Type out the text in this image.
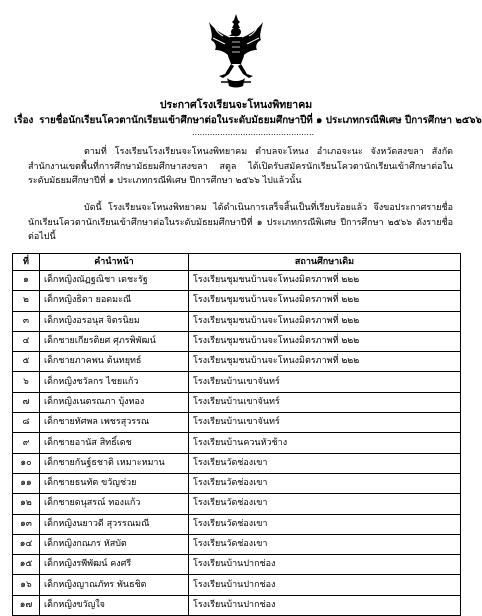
ประกาศโรงเรียนจะโหนงพิทยาคม
เรื่อง รายชื่อนักเรียนโควตานักเรียนเข้าศึกษาต่อในระดับมัธยมศึกษาปีที่ ๑ ประเภทกรณีพิเศษ ปีการศึกษา ๒๕๖๖
................................................
ตามที่ โรงเรียนโรงเรียนจะโหนงพิทยาคม ตำบลจะโหนง อำเภอจะนะ จังหวัดสงขลา สังกัดสำนักงานเขตพื้นที่การศึกษามัธยมศึกษาสงขลา สตูล ได้เปิดรับสมัครนักเรียนโควตานักเรียนเข้าศึกษาต่อในระดับมัธยมศึกษาปีที่ ๑ ประเภทกรณีพิเศษ ปีการศึกษา ๒๕๖๖ ไปแล้วนั้น
บัดนี้ โรงเรียนจะโหนงพิทยาคม ได้ดำเนินการเสร็จสิ้นเป็นที่เรียบร้อยแล้ว จึงขอประกาศรายชื่อนักเรียนโควตานักเรียนเข้าศึกษาต่อในระดับมัธยมศึกษาปีที่ ๑ ประเภทกรณีพิเศษ ปีการศึกษา ๒๕๖๖ ดังรายชื่อต่อไปนี้
ที่	คำนำหน้า	สถานศึกษาเดิม
๑	เด็กหญิงณัฏฐณิชา เดชะรัฐ	โรงเรียนชุมชนบ้านจะโหนงมิตรภาพที่ ๒๒๒
๒	เด็กหญิงธิดา ยอดมะณี	โรงเรียนชุมชนบ้านจะโหนงมิตรภาพที่ ๒๒๒
๓	เด็กหญิงอรอนุส จิตรนิยม	โรงเรียนชุมชนบ้านจะโหนงมิตรภาพที่ ๒๒๒
๔	เด็กชายเกียรติยศ ศุภรพิพัฒน์	โรงเรียนชุมชนบ้านจะโหนงมิตรภาพที่ ๒๒๒
๕	เด็กชายภาคพน ต้นทยุทธ์	โรงเรียนชุมชนบ้านจะโหนงมิตรภาพที่ ๒๒๒
๖	เด็กหญิงชวัลกร ไชยแก้ว	โรงเรียนบ้านเขาจันทร์
๗	เด็กหญิงเนตรณภา บุ้งทอง	โรงเรียนบ้านเขาจันทร์
๘	เด็กชายทัศพล เพชรสุวรรณ	โรงเรียนบ้านเขาจันทร์
๙	เด็กชายอานัส สิทธิ์เดช	โรงเรียนบ้านควนหัวช้าง
๑๐	เด็กชายกันฐ์ธชาติ เหมาะหมาน	โรงเรียนวัดช่องเขา
๑๑	เด็กชายธนทัต ขวัญช่วย	โรงเรียนวัดช่องเขา
๑๒	เด็กชายดนุสรณ์ ทองแก้ว	โรงเรียนวัดช่องเขา
๑๓	เด็กหญิงนยาวดี สุวรรณมณี	โรงเรียนวัดช่องเขา
๑๔	เด็กหญิงกณภร หัสบัต	โรงเรียนวัดช่องเขา
๑๕	เด็กหญิงรพีพัฒน์ คงศรี	โรงเรียนบ้านปากช่อง
๑๖	เด็กหญิงญาณภัทร พันธชิต	โรงเรียนบ้านปากช่อง
๑๗	เด็กหญิงขวัญใจ	โรงเรียนบ้านปากช่อง
